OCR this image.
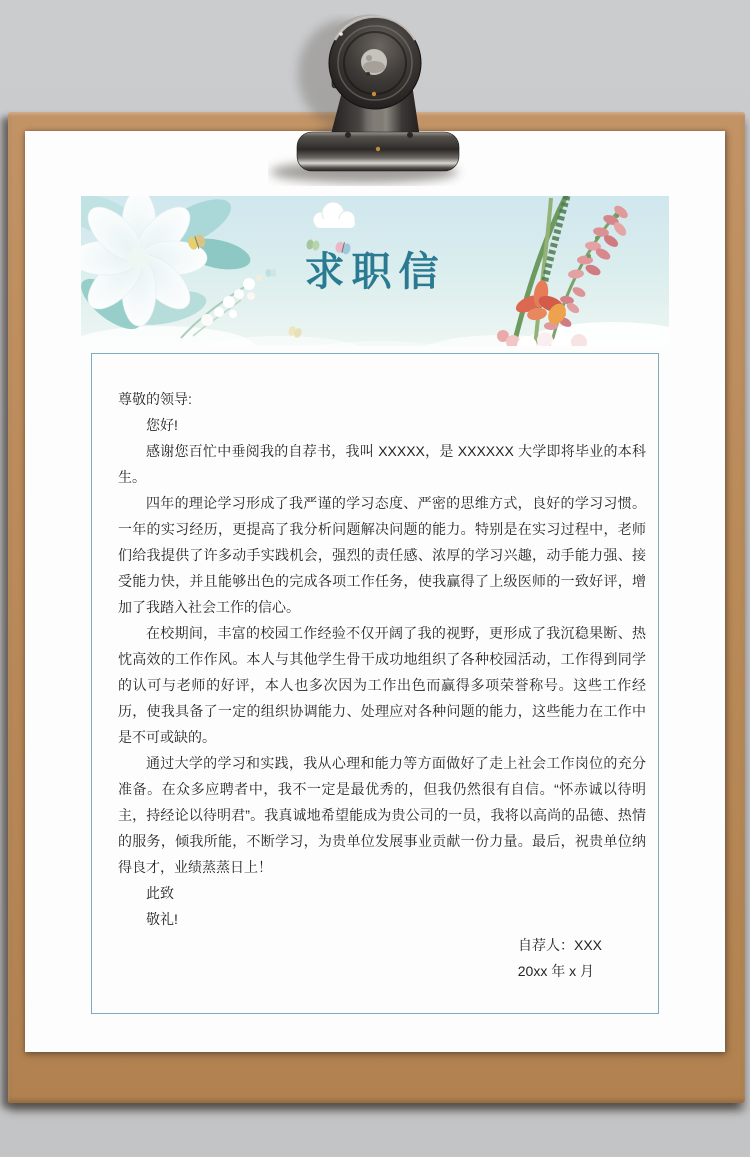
求职信

尊敬的领导:

您好!

感谢您百忙中垂阅我的自荐书，我叫 XXXXX，是 XXXXXX 大学即将毕业的本科生。

四年的理论学习形成了我严谨的学习态度、严密的思维方式，良好的学习习惯。一年的实习经历，更提高了我分析问题解决问题的能力。特别是在实习过程中，老师们给我提供了许多动手实践机会，强烈的责任感、浓厚的学习兴趣，动手能力强、接受能力快，并且能够出色的完成各项工作任务，使我赢得了上级医师的一致好评，增加了我踏入社会工作的信心。

在校期间，丰富的校园工作经验不仅开阔了我的视野，更形成了我沉稳果断、热忱高效的工作作风。本人与其他学生骨干成功地组织了各种校园活动，工作得到同学的认可与老师的好评，本人也多次因为工作出色而赢得多项荣誉称号。这些工作经历，使我具备了一定的组织协调能力、处理应对各种问题的能力，这些能力在工作中是不可或缺的。

通过大学的学习和实践，我从心理和能力等方面做好了走上社会工作岗位的充分准备。在众多应聘者中，我不一定是最优秀的，但我仍然很有自信。“怀赤诚以待明主，持经论以待明君”。我真诚地希望能成为贵公司的一员，我将以高尚的品德、热情的服务，倾我所能，不断学习，为贵单位发展事业贡献一份力量。最后，祝贵单位纳得良才，业绩蒸蒸日上！

此致

敬礼!

自荐人：XXX

20xx 年 x 月
